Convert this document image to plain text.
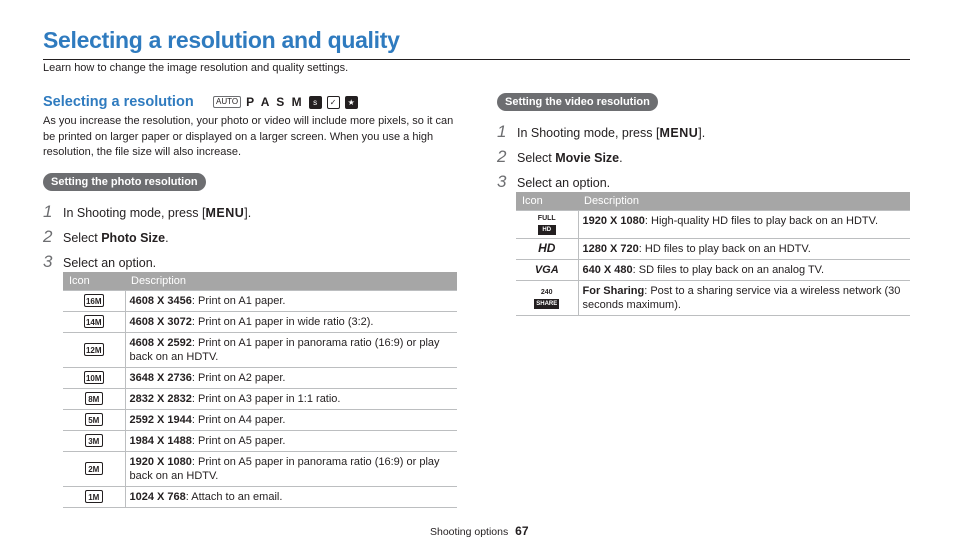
Selecting a resolution and quality
Learn how to change the image resolution and quality settings.
Selecting a resolution	AUTO P A S M	s	✓	★
As you increase the resolution, your photo or video will include more pixels, so it can be printed on larger paper or displayed on a larger screen. When you use a high resolution, the file size will also increase.
Setting the photo resolution
1 In Shooting mode, press [MENU].
2 Select Photo Size.
3 Select an option.
Icon	Description
16M	4608 X 3456: Print on A1 paper.
14M	4608 X 3072: Print on A1 paper in wide ratio (3:2).
12M	4608 X 2592: Print on A1 paper in panorama ratio (16:9) or play back on an HDTV.
10M	3648 X 2736: Print on A2 paper.
8M	2832 X 2832: Print on A3 paper in 1:1 ratio.
5M	2592 X 1944: Print on A4 paper.
3M	1984 X 1488: Print on A5 paper.
2M	1920 X 1080: Print on A5 paper in panorama ratio (16:9) or play back on an HDTV.
1M	1024 X 768: Attach to an email.
Setting the video resolution
1 In Shooting mode, press [MENU].
2 Select Movie Size.
3 Select an option.
Icon	Description

FULL
HD	1920 X 1080: High-quality HD files to play back on an HDTV.
HD	1280 X 720: HD files to play back on an HDTV.
VGA	640 X 480: SD files to play back on an analog TV.

240
SHARE	For Sharing: Post to a sharing service via a wireless network (30 seconds maximum).
Shooting options 67
